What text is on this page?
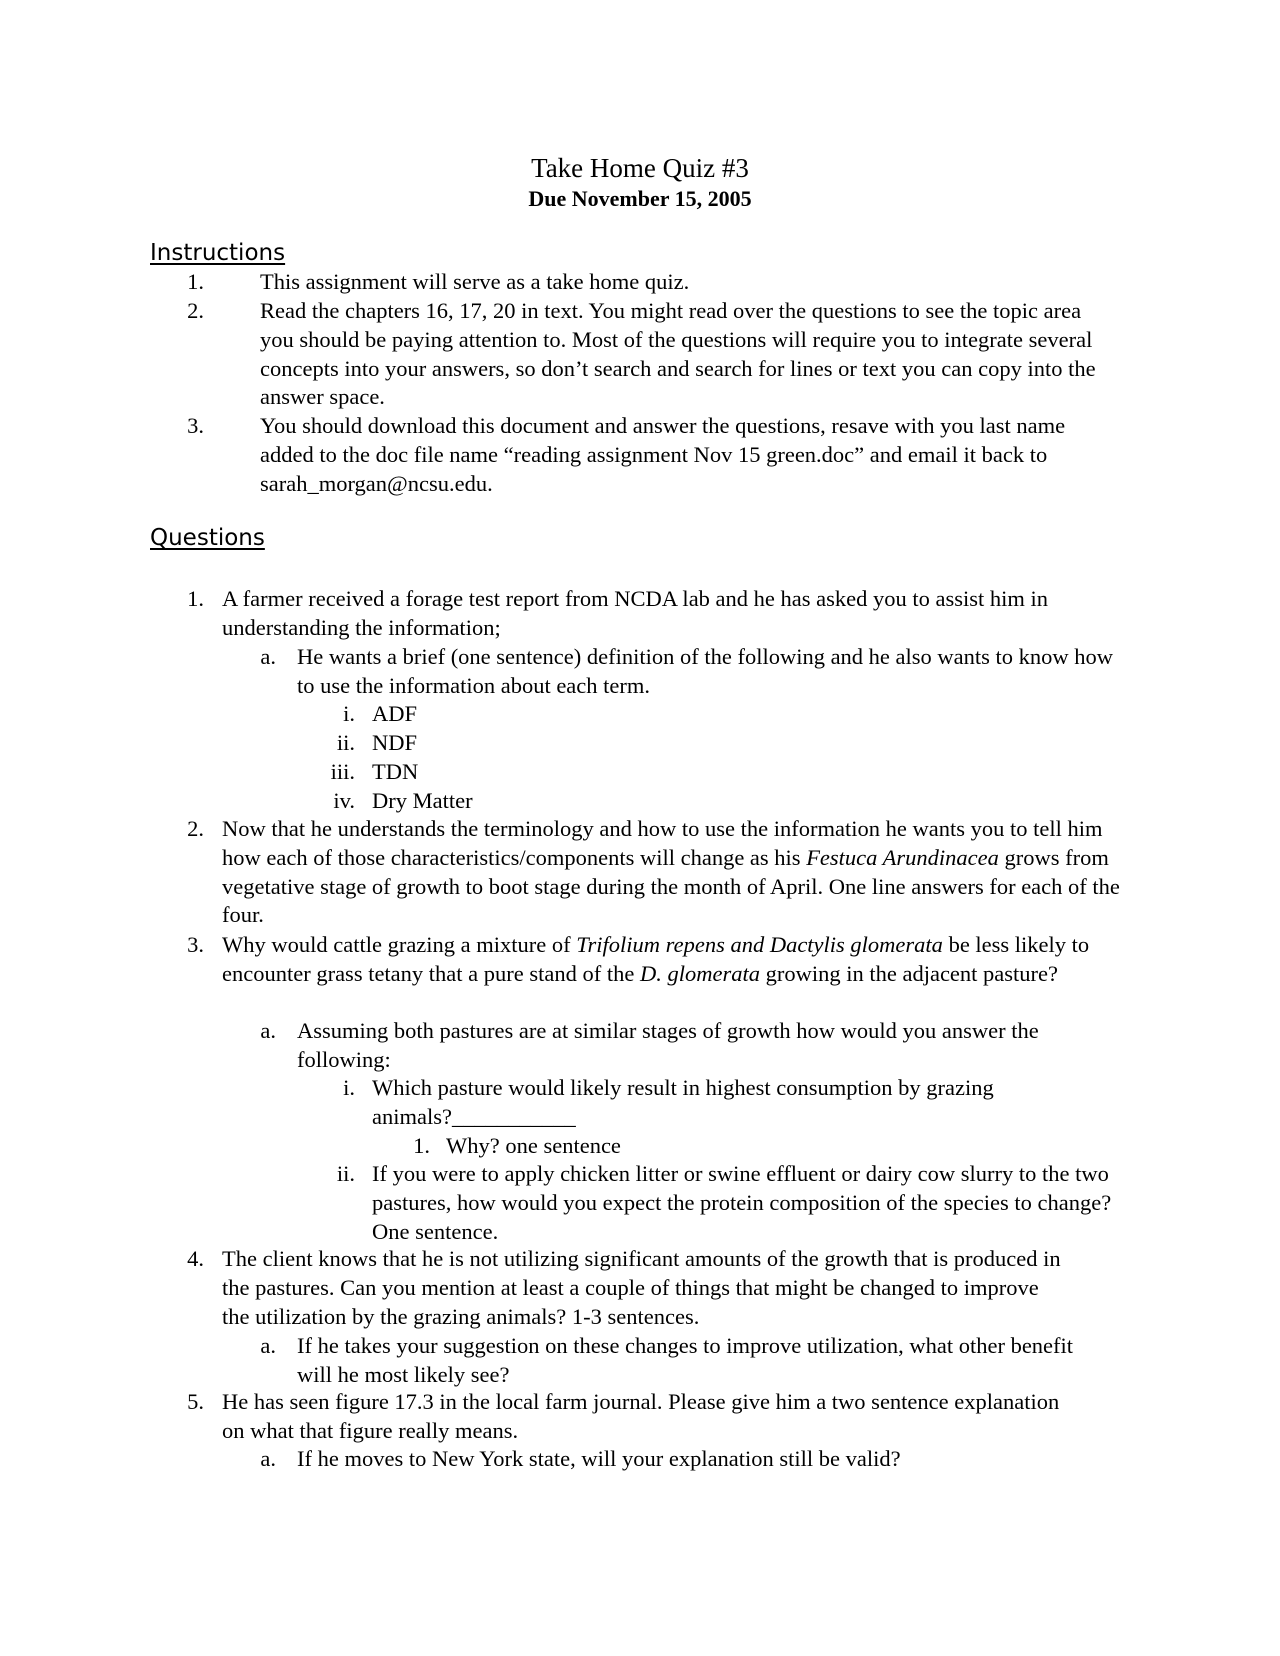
Take Home Quiz #3
Due November 15, 2005
Instructions
1. This assignment will serve as a take home quiz.
2. Read the chapters 16, 17, 20 in text. You might read over the questions to see the topic area you should be paying attention to. Most of the questions will require you to integrate several concepts into your answers, so don’t search and search for lines or text you can copy into the answer space.
3. You should download this document and answer the questions, resave with you last name added to the doc file name “reading assignment Nov 15 green.doc” and email it back to sarah_morgan@ncsu.edu.
Questions
1. A farmer received a forage test report from NCDA lab and he has asked you to assist him in understanding the information;
a. He wants a brief (one sentence) definition of the following and he also wants to know how to use the information about each term.
i. ADF
ii. NDF
iii. TDN
iv. Dry Matter
2. Now that he understands the terminology and how to use the information he wants you to tell him how each of those characteristics/components will change as his Festuca Arundinacea grows from vegetative stage of growth to boot stage during the month of April. One line answers for each of the four.
3. Why would cattle grazing a mixture of Trifolium repens and Dactylis glomerata be less likely to encounter grass tetany that a pure stand of the D. glomerata growing in the adjacent pasture?
a. Assuming both pastures are at similar stages of growth how would you answer the following:
i. Which pasture would likely result in highest consumption by grazing animals?___________
1. Why? one sentence
ii. If you were to apply chicken litter or swine effluent or dairy cow slurry to the two pastures, how would you expect the protein composition of the species to change? One sentence.
4. The client knows that he is not utilizing significant amounts of the growth that is produced in the pastures. Can you mention at least a couple of things that might be changed to improve the utilization by the grazing animals? 1-3 sentences.
a. If he takes your suggestion on these changes to improve utilization, what other benefit will he most likely see?
5. He has seen figure 17.3 in the local farm journal. Please give him a two sentence explanation on what that figure really means.
a. If he moves to New York state, will your explanation still be valid?
